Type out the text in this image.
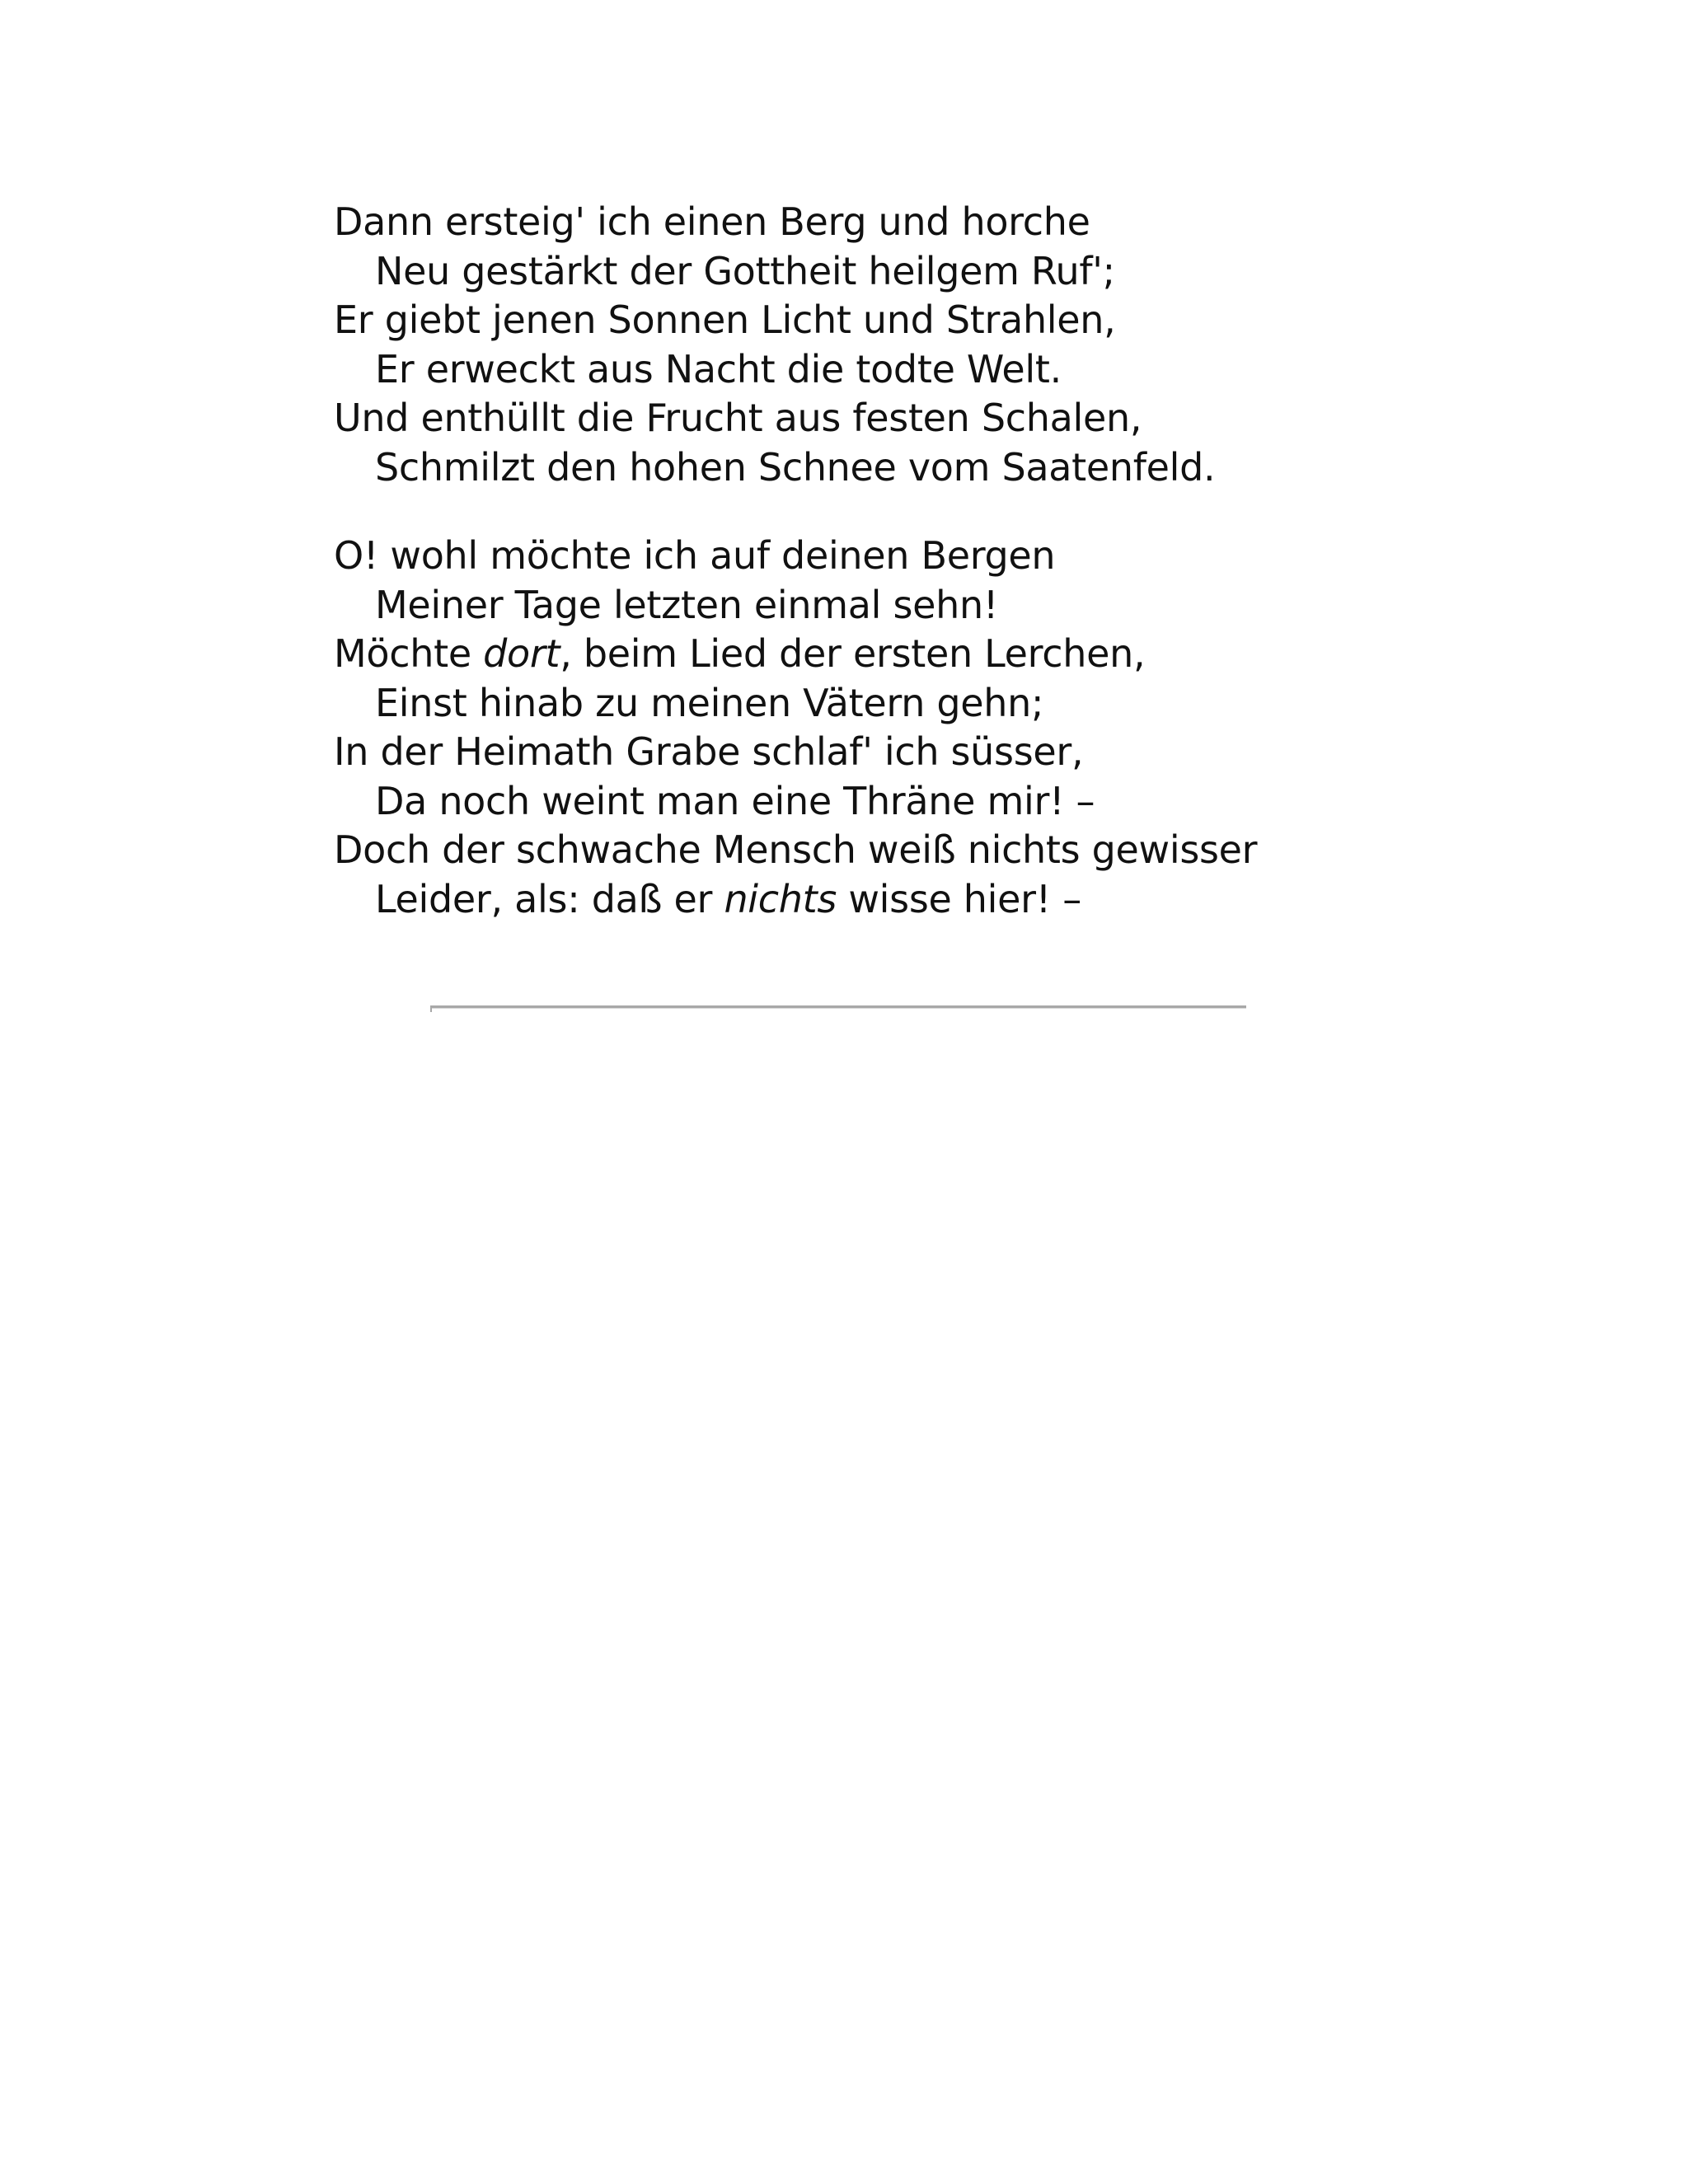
Dann ersteig' ich einen Berg und horche
Neu gestärkt der Gottheit heilgem Ruf';
Er giebt jenen Sonnen Licht und Strahlen,
Er erweckt aus Nacht die todte Welt.
Und enthüllt die Frucht aus festen Schalen,
Schmilzt den hohen Schnee vom Saatenfeld.
O! wohl möchte ich auf deinen Bergen
Meiner Tage letzten einmal sehn!
Möchte dort, beim Lied der ersten Lerchen,
Einst hinab zu meinen Vätern gehn;
In der Heimath Grabe schlaf' ich süsser,
Da noch weint man eine Thräne mir! –
Doch der schwache Mensch weiß nichts gewisser
Leider, als: daß er nichts wisse hier! –
